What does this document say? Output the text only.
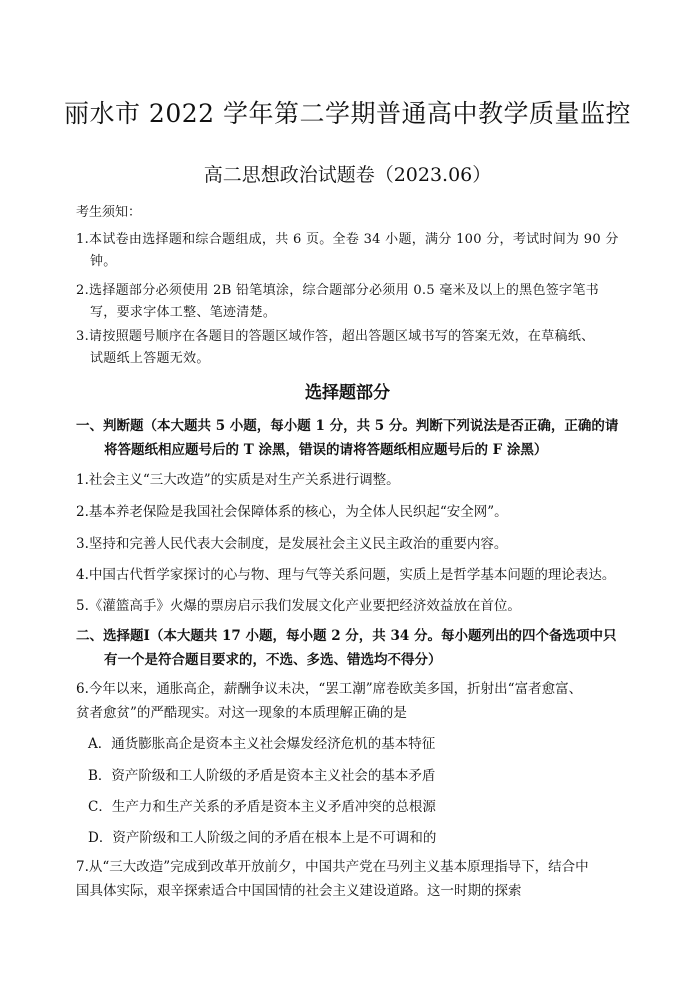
丽水市 2022 学年第二学期普通高中教学质量监控
高二思想政治试题卷（2023.06）
考生须知：
1.本试卷由选择题和综合题组成，共 6 页。全卷 34 小题，满分 100 分，考试时间为 90 分
钟。
2.选择题部分必须使用 2B 铅笔填涂，综合题部分必须用 0.5 毫米及以上的黑色签字笔书
写，要求字体工整、笔迹清楚。
3.请按照题号顺序在各题目的答题区域作答，超出答题区域书写的答案无效，在草稿纸、
试题纸上答题无效。
选择题部分
一、判断题（本大题共 5 小题，每小题 1 分，共 5 分。判断下列说法是否正确，正确的请
将答题纸相应题号后的 T 涂黑，错误的请将答题纸相应题号后的 F 涂黑）
1.社会主义“三大改造”的实质是对生产关系进行调整。
2.基本养老保险是我国社会保障体系的核心，为全体人民织起“安全网”。
3.坚持和完善人民代表大会制度，是发展社会主义民主政治的重要内容。
4.中国古代哲学家探讨的心与物、理与气等关系问题，实质上是哲学基本问题的理论表达。
5.《灌篮高手》火爆的票房启示我们发展文化产业要把经济效益放在首位。
二、选择题Ⅰ（本大题共 17 小题，每小题 2 分，共 34 分。每小题列出的四个备选项中只
有一个是符合题目要求的，不选、多选、错选均不得分）
6.今年以来，通胀高企，薪酬争议未决，“罢工潮”席卷欧美多国，折射出“富者愈富、
贫者愈贫”的严酷现实。对这一现象的本质理解正确的是
A．通货膨胀高企是资本主义社会爆发经济危机的基本特征
B．资产阶级和工人阶级的矛盾是资本主义社会的基本矛盾
C．生产力和生产关系的矛盾是资本主义矛盾冲突的总根源
D．资产阶级和工人阶级之间的矛盾在根本上是不可调和的
7.从“三大改造”完成到改革开放前夕，中国共产党在马列主义基本原理指导下，结合中
国具体实际，艰辛探索适合中国国情的社会主义建设道路。这一时期的探索
